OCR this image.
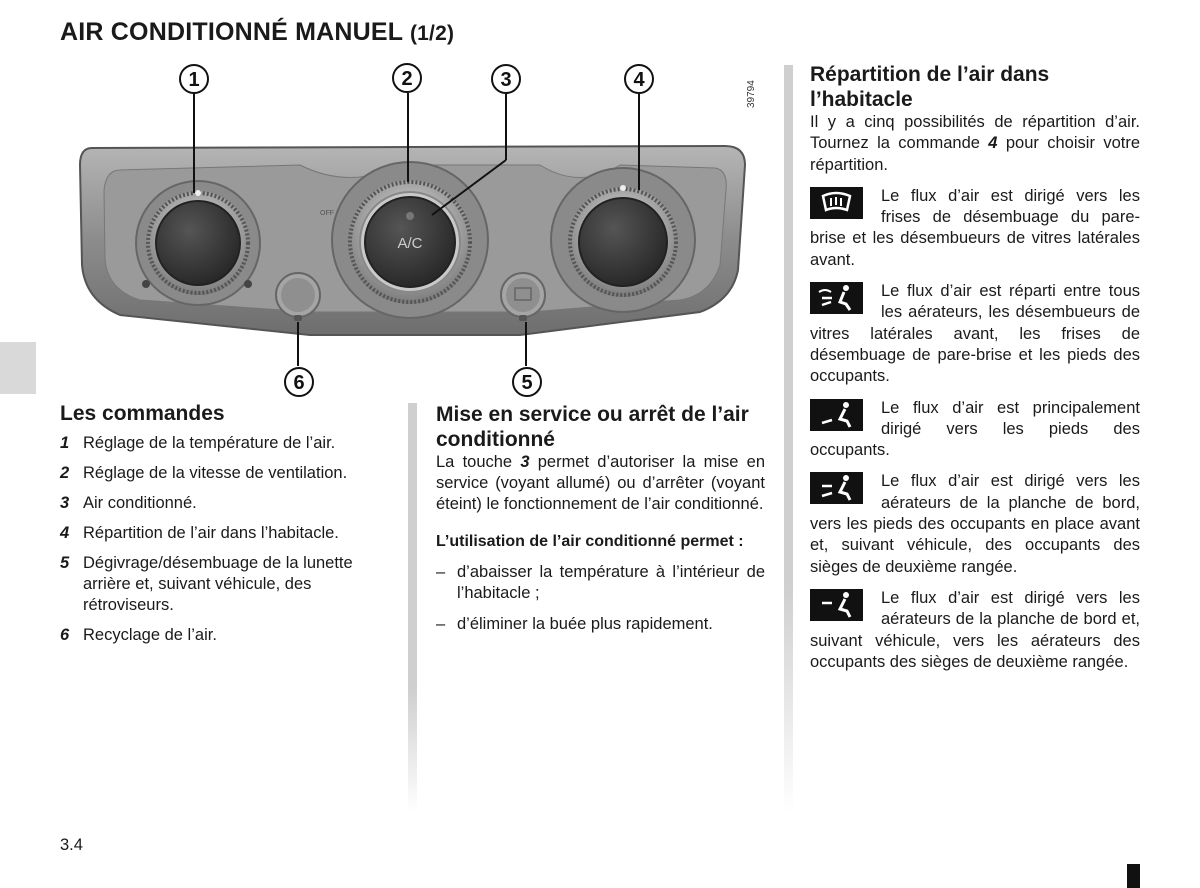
AIR CONDITIONNÉ MANUEL (1/2)
A/C
OFF
1	2	3	4
5
6
39794
Les commandes
1 Réglage de la température de l’air.
2 Réglage de la vitesse de ventilation.
3 Air conditionné.
4 Répartition de l’air dans l’habitacle.
5 Dégivrage/désembuage de la lunette arrière et, suivant véhicule, des rétroviseurs.
6 Recyclage de l’air.
Mise en service ou arrêt de l’air conditionné

La touche 3 permet d’autoriser la mise en service (voyant allumé) ou d’arrêter (voyant éteint) le fonctionnement de l’air conditionné.

L’utilisation de l’air conditionné permet :

– d’abaisser la température à l’intérieur de l’habitacle ;
– d’éliminer la buée plus rapidement.
Répartition de l’air dans l’habitacle

Il y a cinq possibilités de répartition d’air. Tournez la commande 4 pour choisir votre répartition.

Le flux d’air est dirigé vers les frises de désembuage du pare-brise et les désembueurs de vitres latérales avant.
Le flux d’air est réparti entre tous les aérateurs, les désembueurs de vitres latérales avant, les frises de désembuage de pare-brise et les pieds des occupants.
Le flux d’air est principalement dirigé vers les pieds des occupants.
Le flux d’air est dirigé vers les aérateurs de la planche de bord, vers les pieds des occupants en place avant et, suivant véhicule, des occupants des sièges de deuxième rangée.
Le flux d’air est dirigé vers les aérateurs de la planche de bord et, suivant véhicule, vers les aérateurs des occupants des sièges de deuxième rangée.
3.4
